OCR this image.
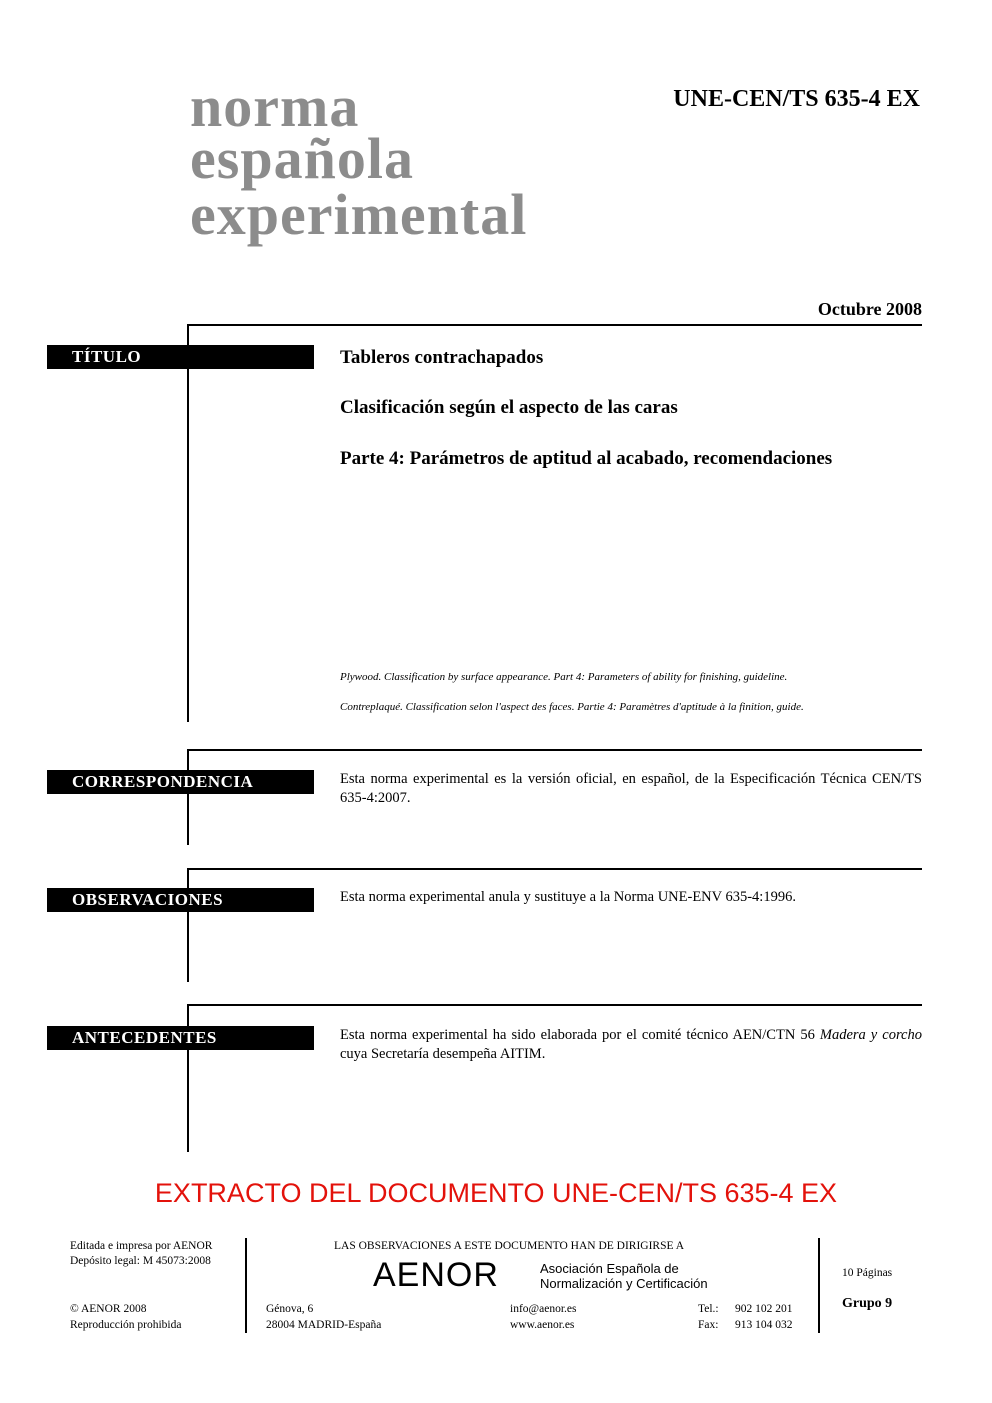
norma
española
experimental
UNE-CEN/TS 635-4 EX
Octubre 2008
TÍTULO	Tableros contrachapados
Clasificación según el aspecto de las caras
Parte 4: Parámetros de aptitud al acabado, recomendaciones
Plywood. Classification by surface appearance. Part 4: Parameters of ability for finishing, guideline.
Contreplaqué. Classification selon l'aspect des faces. Partie 4: Paramètres d'aptitude à la finition, guide.
CORRESPONDENCIA	Esta norma experimental es la versión oficial, en español, de la Especificación Técnica CEN/TS 635-4:2007.
OBSERVACIONES	Esta norma experimental anula y sustituye a la Norma UNE-ENV 635-4:1996.
ANTECEDENTES	Esta norma experimental ha sido elaborada por el comité técnico AEN/CTN 56 Madera y corcho cuya Secretaría desempeña AITIM.
EXTRACTO DEL DOCUMENTO UNE-CEN/TS 635-4 EX
Editada e impresa por AENOR
Depósito legal: M 45073:2008
© AENOR 2008
Reproducción prohibida
LAS OBSERVACIONES A ESTE DOCUMENTO HAN DE DIRIGIRSE A
AENOR	Asociación Española de
Normalización y Certificación
Génova, 6
28004 MADRID-España
info@aenor.es
www.aenor.es
Tel.: 902 102 201
Fax: 913 104 032
10 Páginas
Grupo 9
